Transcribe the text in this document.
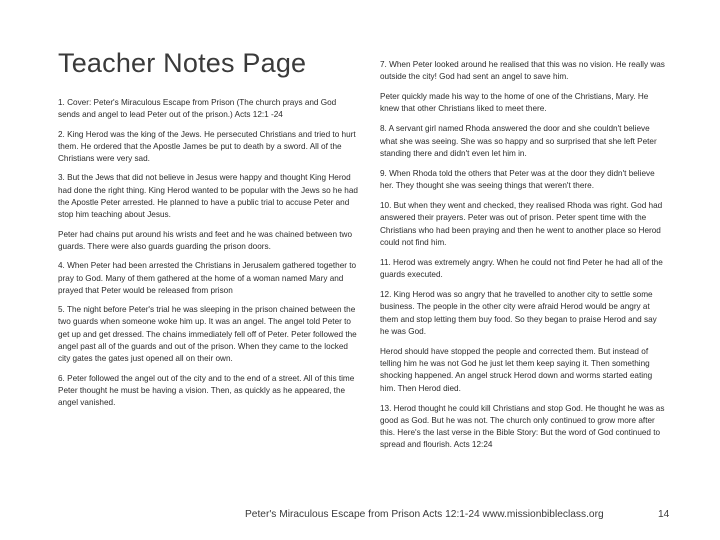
Teacher Notes Page

1. Cover: Peter's Miraculous Escape from Prison (The church prays and God sends and angel to lead Peter out of the prison.) Acts 12:1 -24

2. King Herod was the king of the Jews. He persecuted Christians and tried to hurt them. He ordered that the Apostle James be put to death by a sword. All of the Christians were very sad.

3. But the Jews that did not believe in Jesus were happy and thought King Herod had done the right thing. King Herod wanted to be popular with the Jews so he had the Apostle Peter arrested. He planned to have a public trial to accuse Peter and stop him teaching about Jesus.

Peter had chains put around his wrists and feet and he was chained between two guards. There were also guards guarding the prison doors.

4. When Peter had been arrested the Christians in Jerusalem gathered together to pray to God. Many of them gathered at the home of a woman named Mary and prayed that Peter would be released from prison

5. The night before Peter's trial he was sleeping in the prison chained between the two guards when someone woke him up. It was an angel. The angel told Peter to get up and get dressed. The chains immediately fell off of Peter. Peter followed the angel past all of the guards and out of the prison. When they came to the locked city gates the gates just opened all on their own.

6. Peter followed the angel out of the city and to the end of a street. All of this time Peter thought he must be having a vision. Then, as quickly as he appeared, the angel vanished.

7. When Peter looked around he realised that this was no vision. He really was outside the city! God had sent an angel to save him.

Peter quickly made his way to the home of one of the Christians, Mary. He knew that other Christians liked to meet there.

8. A servant girl named Rhoda answered the door and she couldn't believe what she was seeing. She was so happy and so surprised that she left Peter standing there and didn't even let him in.

9. When Rhoda told the others that Peter was at the door they didn't believe her. They thought she was seeing things that weren't there.

10. But when they went and checked, they realised Rhoda was right. God had answered their prayers. Peter was out of prison. Peter spent time with the Christians who had been praying and then he went to another place so Herod could not find him.

11. Herod was extremely angry. When he could not find Peter he had all of the guards executed.

12. King Herod was so angry that he travelled to another city to settle some business. The people in the other city were afraid Herod would be angry at them and stop letting them buy food. So they began to praise Herod and say he was God.

Herod should have stopped the people and corrected them. But instead of telling him he was not God he just let them keep saying it. Then something shocking happened. An angel struck Herod down and worms started eating him. Then Herod died.

13. Herod thought he could kill Christians and stop God. He thought he was as good as God. But he was not. The church only continued to grow more after this. Here's the last verse in the Bible Story: But the word of God continued to spread and flourish. Acts 12:24

Peter's Miraculous Escape from Prison Acts 12:1-24 www.missionbibleclass.org	14
